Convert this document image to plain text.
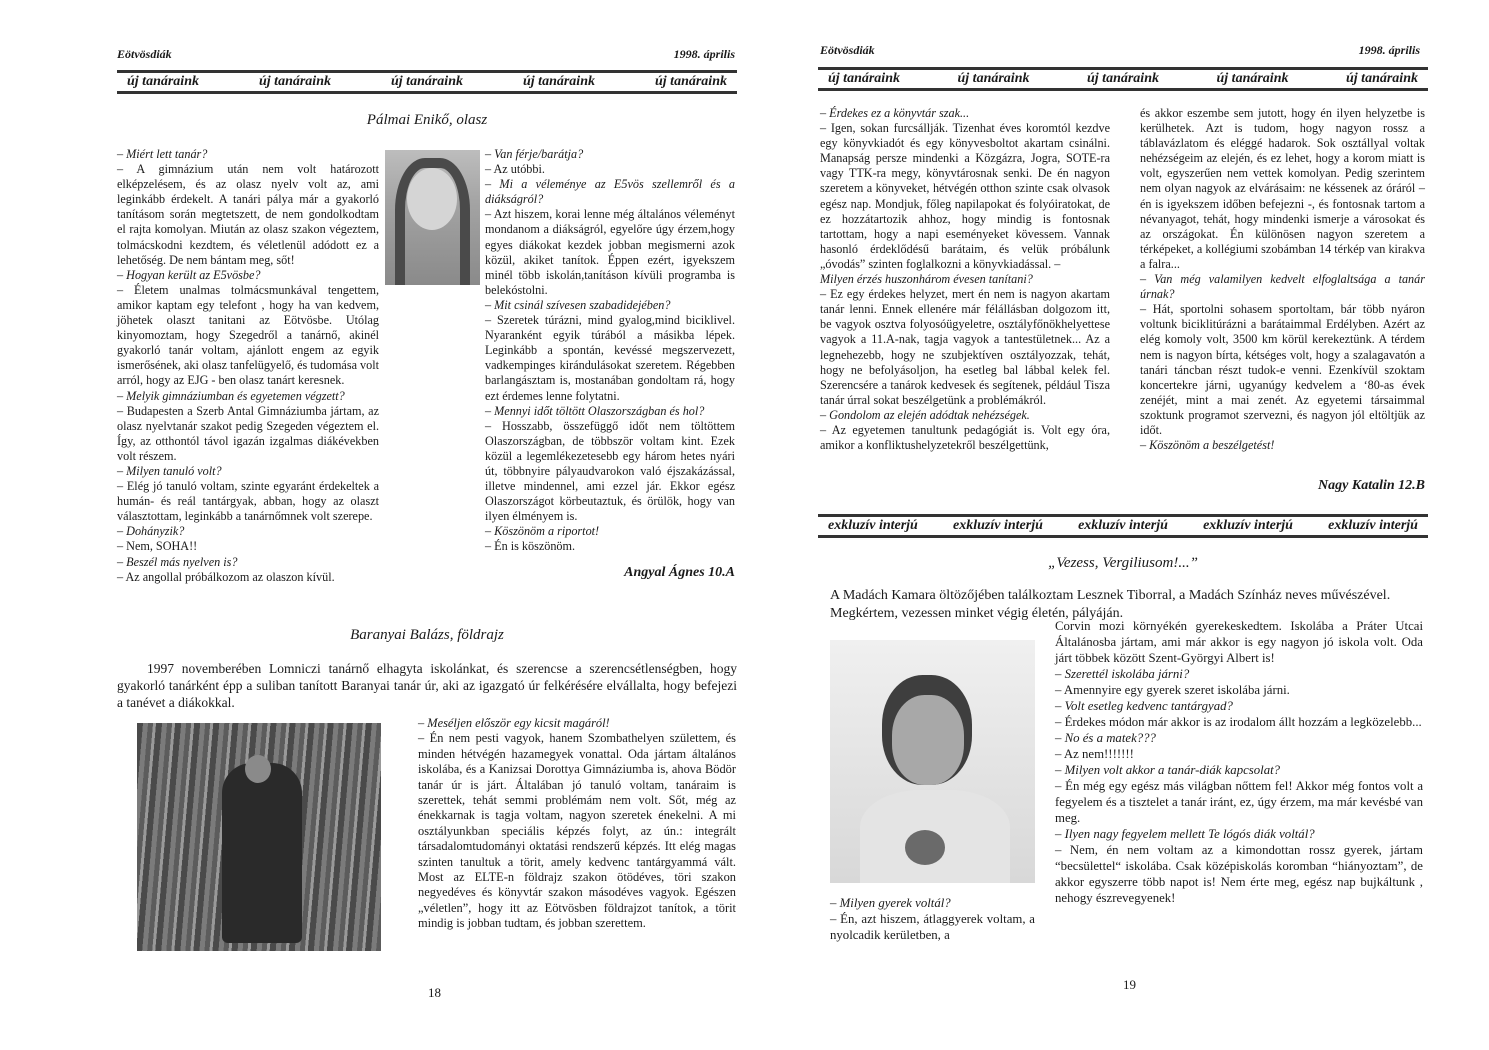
Eötvösdiák	1998. április
új tanáraink	új tanáraink	új tanáraink	új tanáraink	új tanáraink
Pálmai Enikő, olasz

– Miért lett tanár?

– A gimnázium után nem volt határozott elképzelésem, és az olasz nyelv volt az, ami leginkább érdekelt. A tanári pálya már a gyakorló tanításom során megtetszett, de nem gondolkodtam el rajta komolyan. Miután az olasz szakon végeztem, tolmácskodni kezdtem, és véletlenül adódott ez a lehetőség. De nem bántam meg, sőt!

– Hogyan került az E5vösbe?

– Életem unalmas tolmácsmunkával tengettem, amikor kaptam egy telefont , hogy ha van kedvem, jöhetek olaszt tanitani az Eötvösbe. Utólag kinyomoztam, hogy Szegedről a tanárnő, akinél gyakorló tanár voltam, ajánlott engem az egyik ismerősének, aki olasz tanfelügyelő, és tudomása volt arról, hogy az EJG - ben olasz tanárt keresnek.

– Melyik gimnáziumban és egyetemen végzett?

– Budapesten a Szerb Antal Gimnáziumba jártam, az olasz nyelvtanár szakot pedig Szegeden végeztem el. Így, az otthontól távol igazán izgalmas diákévekben volt részem.

– Milyen tanuló volt?

– Elég jó tanuló voltam, szinte egyaránt érdekeltek a humán- és reál tantárgyak, abban, hogy az olaszt választottam, leginkább a tanárnőmnek volt szerepe.

– Dohányzik?

– Nem, SOHA!!

– Beszél más nyelven is?

– Az angollal próbálkozom az olaszon kívül.

– Van férje/barátja?

– Az utóbbi.

– Mi a véleménye az E5vös szellemről és a diákságról?

– Azt hiszem, korai lenne még általános véleményt mondanom a diákságról, egyelőre úgy érzem,hogy egyes diákokat kezdek jobban megismerni azok közül, akiket tanítok. Éppen ezért, igyekszem minél több iskolán,tanításon kívüli programba is belekóstolni.

– Mit csinál szívesen szabadidejében?

– Szeretek túrázni, mind gyalog,mind biciklivel. Nyaranként egyik túrából a másikba lépek. Leginkább a spontán, kevéssé megszervezett, vadkempinges kirándulásokat szeretem. Régebben barlangásztam is, mostanában gondoltam rá, hogy ezt érdemes lenne folytatni.

– Mennyi időt töltött Olaszországban és hol?

– Hosszabb, összefüggő időt nem töltöttem Olaszországban, de többször voltam kint. Ezek közül a legemlékezetesebb egy három hetes nyári út, többnyire pályaudvarokon való éjszakázással, illetve mindennel, ami ezzel jár. Ekkor egész Olaszországot körbeutaztuk, és örülök, hogy van ilyen élményem is.

– Köszönöm a riportot!

– Én is köszönöm.

Angyal Ágnes 10.A
Baranyai Balázs, földrajz
1997 novemberében Lomniczi tanárnő elhagyta iskolánkat, és szerencse a szerencsétlenségben, hogy gyakorló tanárként épp a suliban tanított Baranyai tanár úr, aki az igazgató úr felkérésére elvállalta, hogy befejezi a tanévet a diákokkal.

– Meséljen először egy kicsit magáról!

– Én nem pesti vagyok, hanem Szombathelyen születtem, és minden hétvégén hazamegyek vonattal. Oda jártam általános iskolába, és a Kanizsai Dorottya Gimnáziumba is, ahova Bödör tanár úr is járt. Általában jó tanuló voltam, tanáraim is szerettek, tehát semmi problémám nem volt. Sőt, még az énekkarnak is tagja voltam, nagyon szeretek énekelni. A mi osztályunkban speciális képzés folyt, az ún.: integrált társadalomtudományi oktatási rendszerű képzés. Itt elég magas szinten tanultuk a törit, amely kedvenc tantárgyammá vált. Most az ELTE-n földrajz szakon ötödéves, töri szakon negyedéves és könyvtár szakon másodéves vagyok. Egészen „véletlen”, hogy itt az Eötvösben földrajzot tanítok, a törit mindig is jobban tudtam, és jobban szerettem.

18
Eötvösdiák	1998. április
új tanáraink	új tanáraink	új tanáraink	új tanáraink	új tanáraink

– Érdekes ez a könyvtár szak...

– Igen, sokan furcsállják. Tizenhat éves koromtól kezdve egy könyvkiadót és egy könyvesboltot akartam csinálni. Manapság persze mindenki a Közgázra, Jogra, SOTE-ra vagy TTK-ra megy, könyvtárosnak senki. De én nagyon szeretem a könyveket, hétvégén otthon szinte csak olvasok egész nap. Mondjuk, főleg napilapokat és folyóiratokat, de ez hozzátartozik ahhoz, hogy mindig is fontosnak tartottam, hogy a napi eseményeket kövessem. Vannak hasonló érdeklődésű barátaim, és velük próbálunk „óvodás” szinten foglalkozni a könyvkiadással. –

Milyen érzés huszonhárom évesen tanítani?

– Ez egy érdekes helyzet, mert én nem is nagyon akartam tanár lenni. Ennek ellenére már félállásban dolgozom itt, be vagyok osztva folyosóügyeletre, osztályfőnökhelyettese vagyok a 11.A-nak, tagja vagyok a tantestületnek... Az a legnehezebb, hogy ne szubjektíven osztályozzak, tehát, hogy ne befolyásoljon, ha esetleg bal lábbal kelek fel. Szerencsére a tanárok kedvesek és segítenek, például Tisza tanár úrral sokat beszélgetünk a problémákról.

– Gondolom az elején adódtak nehézségek.

– Az egyetemen tanultunk pedagógiát is. Volt egy óra, amikor a konfliktushelyzetekről beszélgettünk,

és akkor eszembe sem jutott, hogy én ilyen helyzetbe is kerülhetek. Azt is tudom, hogy nagyon rossz a táblavázlatom és eléggé hadarok. Sok osztállyal voltak nehézségeim az elején, és ez lehet, hogy a korom miatt is volt, egyszerűen nem vettek komolyan. Pedig szerintem nem olyan nagyok az elvárásaim: ne késsenek az óráról – én is igyekszem időben befejezni -, és fontosnak tartom a névanyagot, tehát, hogy mindenki ismerje a városokat és az országokat. Én különösen nagyon szeretem a térképeket, a kollégiumi szobámban 14 térkép van kirakva a falra...

– Van még valamilyen kedvelt elfoglaltsága a tanár úrnak?

– Hát, sportolni sohasem sportoltam, bár több nyáron voltunk biciklitúrázni a barátaimmal Erdélyben. Azért az elég komoly volt, 3500 km körül kerekeztünk. A térdem nem is nagyon bírta, kétséges volt, hogy a szalagavatón a tanári táncban részt tudok-e venni. Ezenkívül szoktam koncertekre járni, ugyanúgy kedvelem a ‘80-as évek zenéjét, mint a mai zenét. Az egyetemi társaimmal szoktunk programot szervezni, és nagyon jól eltöltjük az időt.

– Köszönöm a beszélgetést!

Nagy Katalin 12.B
exkluzív interjú	exkluzív interjú	exkluzív interjú	exkluzív interjú	exkluzív interjú
„Vezess, Vergiliusom!...”
A Madách Kamara öltözőjében találkoztam Lesznek Tiborral, a Madách Színház neves művészével. Megkértem, vezessen minket végig életén, pályáján.

– Milyen gyerek voltál?

– Én, azt hiszem, átlaggyerek voltam, a nyolcadik kerületben, a

Corvin mozi környékén gyerekeskedtem. Iskolába a Práter Utcai Általánosba jártam, ami már akkor is egy nagyon jó iskola volt. Oda járt többek között Szent-Györgyi Albert is!

– Szerettél iskolába járni?

– Amennyire egy gyerek szeret iskolába járni.

– Volt esetleg kedvenc tantárgyad?

– Érdekes módon már akkor is az irodalom állt hozzám a legközelebb...

– No és a matek???

– Az nem!!!!!!!

– Milyen volt akkor a tanár-diák kapcsolat?

– Én még egy egész más világban nőttem fel! Akkor még fontos volt a fegyelem és a tisztelet a tanár iránt, ez, úgy érzem, ma már kevésbé van meg.

– Ilyen nagy fegyelem mellett Te lógós diák voltál?

– Nem, én nem voltam az a kimondottan rossz gyerek, jártam “becsülettel“ iskolába. Csak középiskolás koromban “hiányoztam”, de akkor egyszerre több napot is! Nem érte meg, egész nap bujkáltunk , nehogy észrevegyenek!

19
